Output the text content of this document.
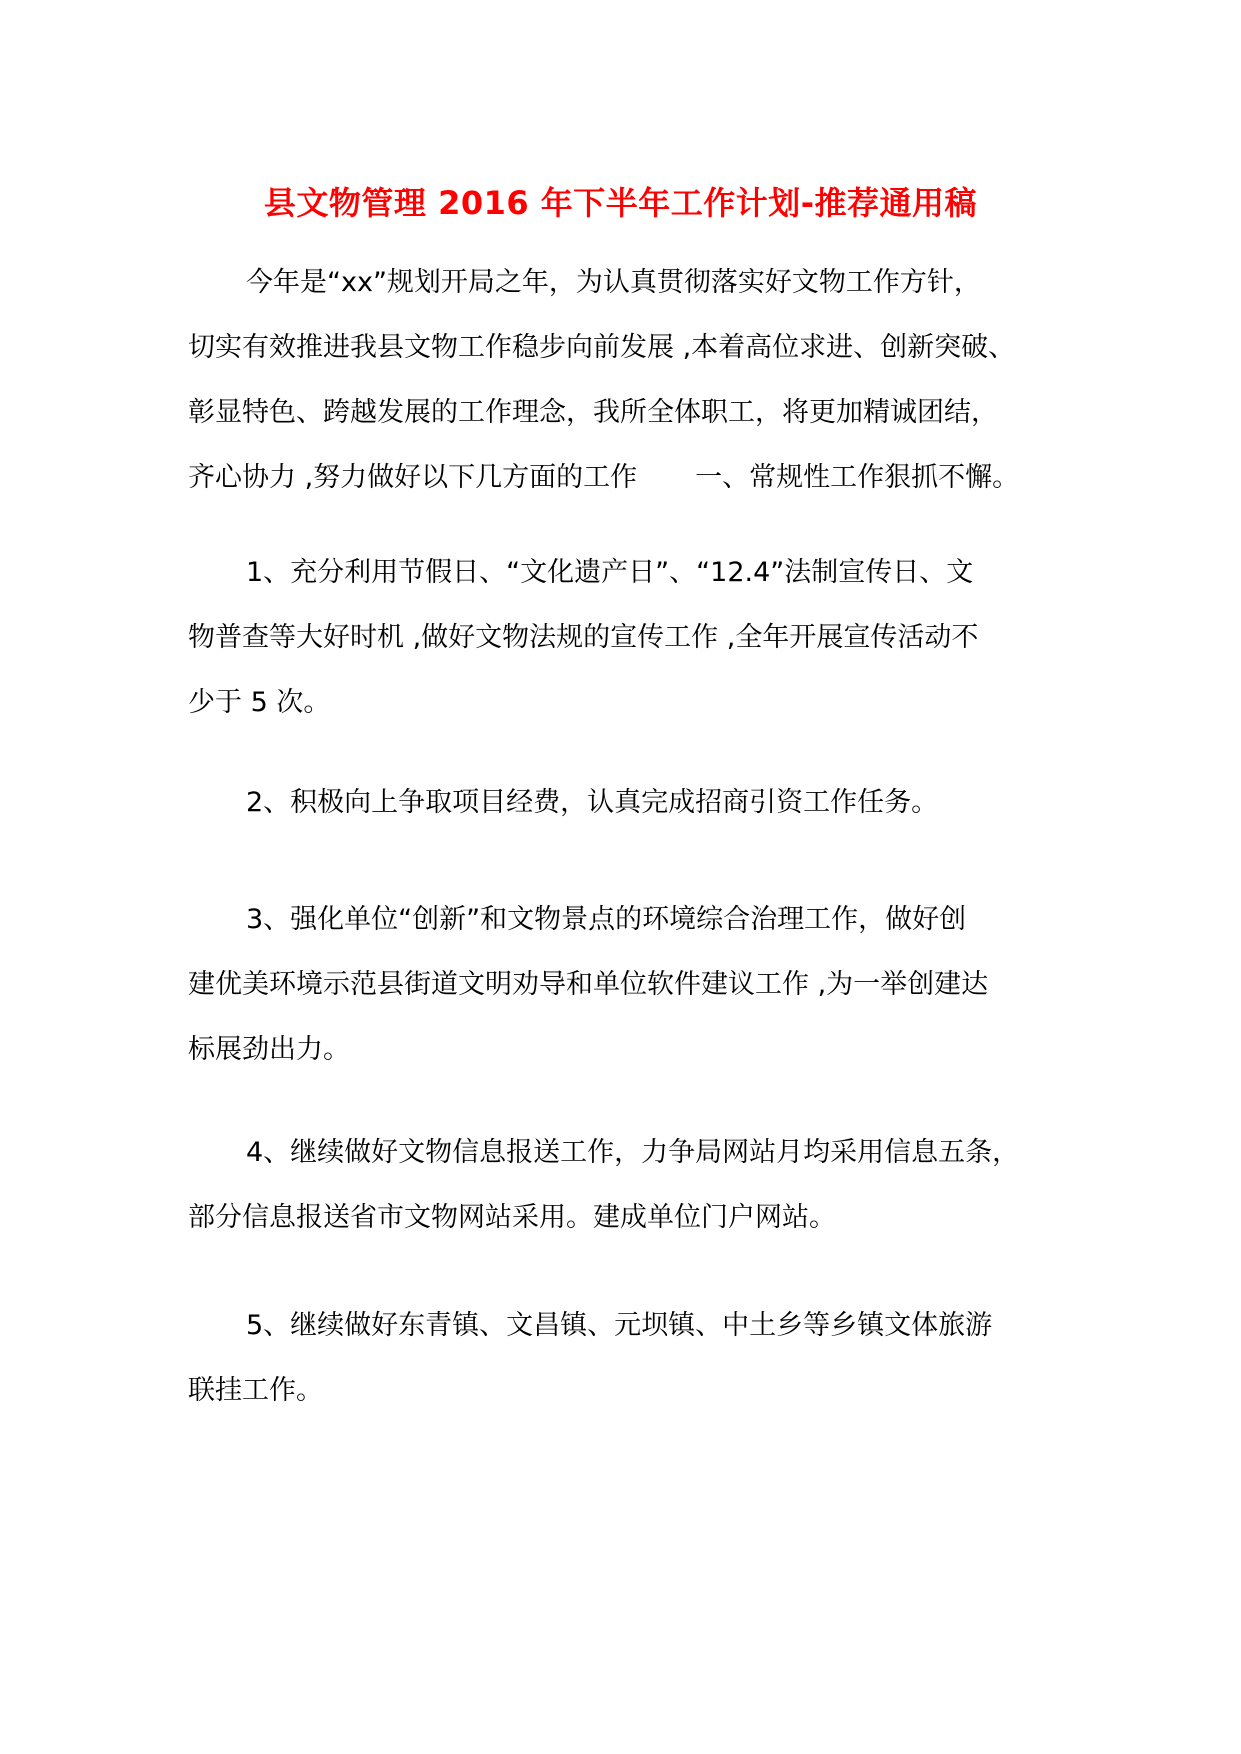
县文物管理 2016 年下半年工作计划-推荐通用稿
今年是“xx”规划开局之年，为认真贯彻落实好文物工作方针，
切实有效推进我县文物工作稳步向前发展 ,本着高位求进、创新突破、
彰显特色、跨越发展的工作理念，我所全体职工，将更加精诚团结，
齐心协力 ,努力做好以下几方面的工作 一、常规性工作狠抓不懈。
1、充分利用节假日、“文化遗产日”、“12.4”法制宣传日、文
物普查等大好时机 ,做好文物法规的宣传工作 ,全年开展宣传活动不
少于 5 次。
2、积极向上争取项目经费，认真完成招商引资工作任务。
3、强化单位“创新”和文物景点的环境综合治理工作，做好创
建优美环境示范县街道文明劝导和单位软件建议工作 ,为一举创建达
标展劲出力。
4、继续做好文物信息报送工作，力争局网站月均采用信息五条，
部分信息报送省市文物网站采用。建成单位门户网站。
5、继续做好东青镇、文昌镇、元坝镇、中土乡等乡镇文体旅游
联挂工作。
